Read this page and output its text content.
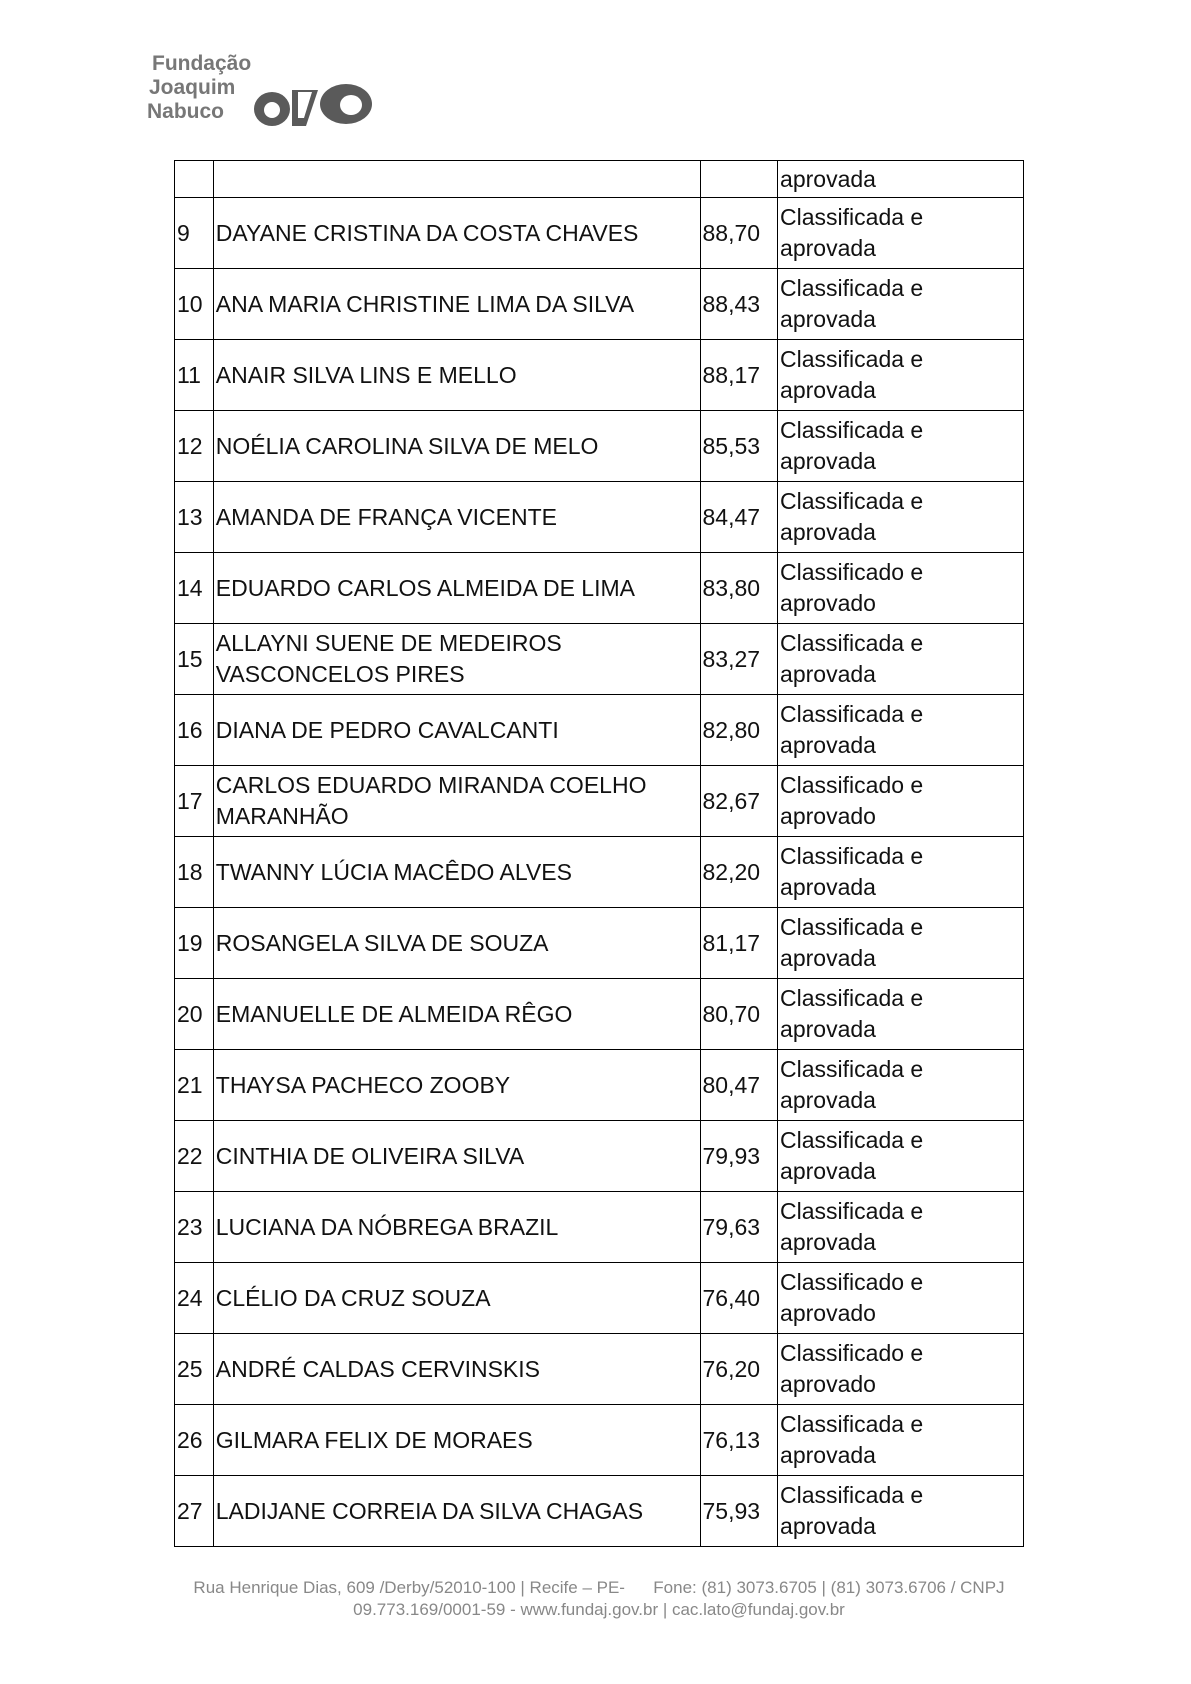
Fundação
Joaquim
Nabuco
			aprovada
9	DAYANE CRISTINA DA COSTA CHAVES	88,70	Classificada e aprovada
10	ANA MARIA CHRISTINE LIMA DA SILVA	88,43	Classificada e aprovada
11	ANAIR SILVA LINS E MELLO	88,17	Classificada e aprovada
12	NOÉLIA CAROLINA SILVA DE MELO	85,53	Classificada e aprovada
13	AMANDA DE FRANÇA VICENTE	84,47	Classificada e aprovada
14	EDUARDO CARLOS ALMEIDA DE LIMA	83,80	Classificado e aprovado
15	ALLAYNI SUENE DE MEDEIROS VASCONCELOS PIRES	83,27	Classificada e aprovada
16	DIANA DE PEDRO CAVALCANTI	82,80	Classificada e aprovada
17	CARLOS EDUARDO MIRANDA COELHO MARANHÃO	82,67	Classificado e aprovado
18	TWANNY LÚCIA MACÊDO ALVES	82,20	Classificada e aprovada
19	ROSANGELA SILVA DE SOUZA	81,17	Classificada e aprovada
20	EMANUELLE DE ALMEIDA RÊGO	80,70	Classificada e aprovada
21	THAYSA PACHECO ZOOBY	80,47	Classificada e aprovada
22	CINTHIA DE OLIVEIRA SILVA	79,93	Classificada e aprovada
23	LUCIANA DA NÓBREGA BRAZIL	79,63	Classificada e aprovada
24	CLÉLIO DA CRUZ SOUZA	76,40	Classificado e aprovado
25	ANDRÉ CALDAS CERVINSKIS	76,20	Classificado e aprovado
26	GILMARA FELIX DE MORAES	76,13	Classificada e aprovada
27	LADIJANE CORREIA DA SILVA CHAGAS	75,93	Classificada e aprovada
Rua Henrique Dias, 609 /Derby/52010-100 | Recife – PE-      Fone: (81) 3073.6705 | (81) 3073.6706 / CNPJ
09.773.169/0001-59 - www.fundaj.gov.br | cac.lato@fundaj.gov.br
